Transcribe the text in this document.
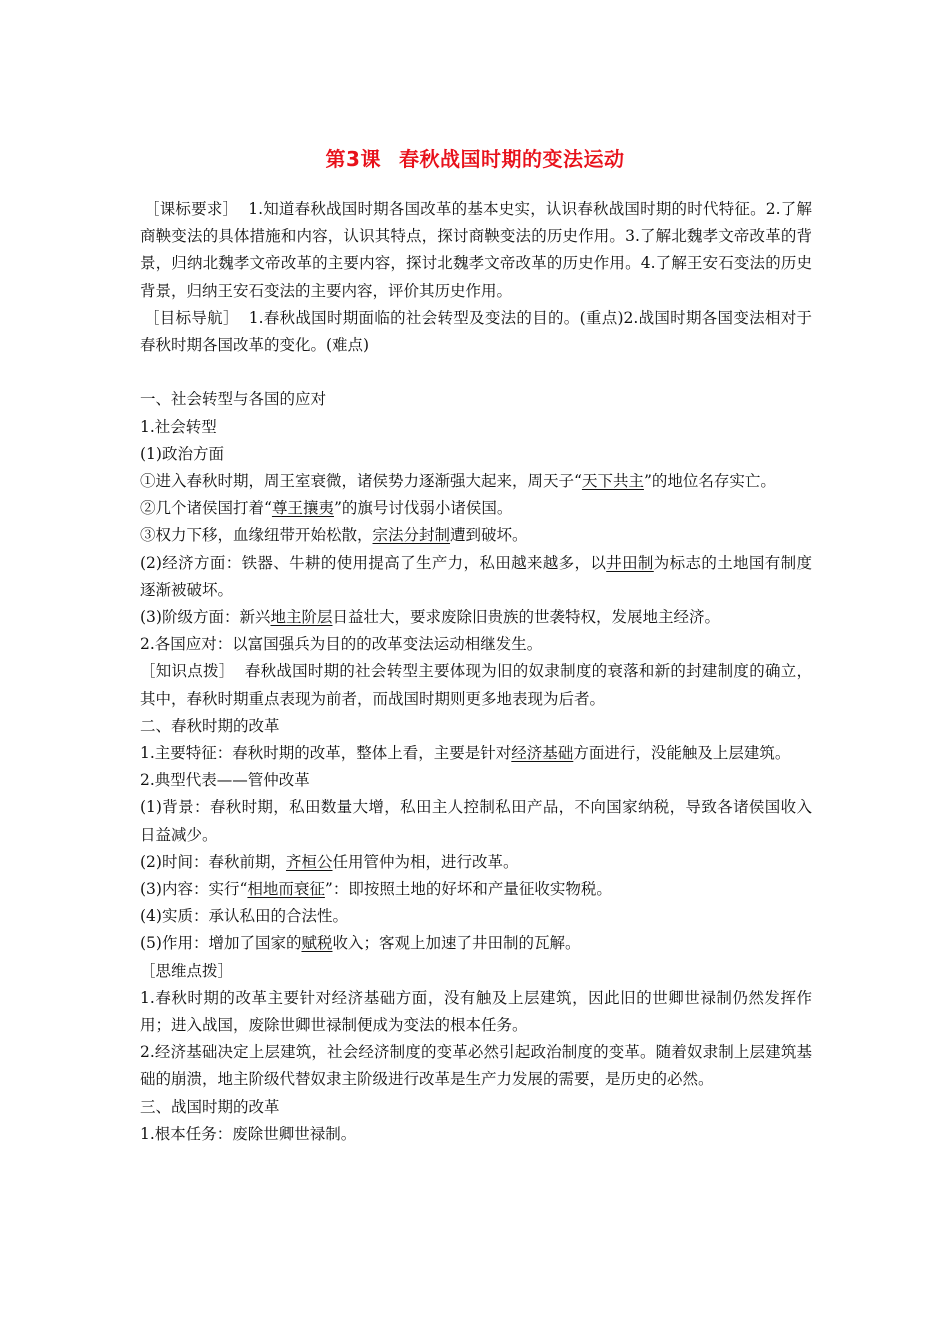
第3课 春秋战国时期的变法运动

［课标要求］ 1.知道春秋战国时期各国改革的基本史实，认识春秋战国时期的时代特征。2.了解商鞅变法的具体措施和内容，认识其特点，探讨商鞅变法的历史作用。3.了解北魏孝文帝改革的背景，归纳北魏孝文帝改革的主要内容，探讨北魏孝文帝改革的历史作用。4.了解王安石变法的历史背景，归纳王安石变法的主要内容，评价其历史作用。

［目标导航］ 1.春秋战国时期面临的社会转型及变法的目的。(重点)2.战国时期各国变法相对于春秋时期各国改革的变化。(难点)

一、社会转型与各国的应对

1.社会转型

(1)政治方面

①进入春秋时期，周王室衰微，诸侯势力逐渐强大起来，周天子“天下共主”的地位名存实亡。

②几个诸侯国打着“尊王攘夷”的旗号讨伐弱小诸侯国。

③权力下移，血缘纽带开始松散，宗法分封制遭到破坏。

(2)经济方面：铁器、牛耕的使用提高了生产力，私田越来越多，以井田制为标志的土地国有制度逐渐被破坏。

(3)阶级方面：新兴地主阶层日益壮大，要求废除旧贵族的世袭特权，发展地主经济。

2.各国应对：以富国强兵为目的的改革变法运动相继发生。

［知识点拨］ 春秋战国时期的社会转型主要体现为旧的奴隶制度的衰落和新的封建制度的确立，其中，春秋时期重点表现为前者，而战国时期则更多地表现为后者。

二、春秋时期的改革

1.主要特征：春秋时期的改革，整体上看，主要是针对经济基础方面进行，没能触及上层建筑。

2.典型代表——管仲改革

(1)背景：春秋时期，私田数量大增，私田主人控制私田产品，不向国家纳税，导致各诸侯国收入日益减少。

(2)时间：春秋前期，齐桓公任用管仲为相，进行改革。

(3)内容：实行“相地而衰征”：即按照土地的好坏和产量征收实物税。

(4)实质：承认私田的合法性。

(5)作用：增加了国家的赋税收入；客观上加速了井田制的瓦解。

［思维点拨］

1.春秋时期的改革主要针对经济基础方面，没有触及上层建筑，因此旧的世卿世禄制仍然发挥作用；进入战国，废除世卿世禄制便成为变法的根本任务。

2.经济基础决定上层建筑，社会经济制度的变革必然引起政治制度的变革。随着奴隶制上层建筑基础的崩溃，地主阶级代替奴隶主阶级进行改革是生产力发展的需要，是历史的必然。

三、战国时期的改革

1.根本任务：废除世卿世禄制。
